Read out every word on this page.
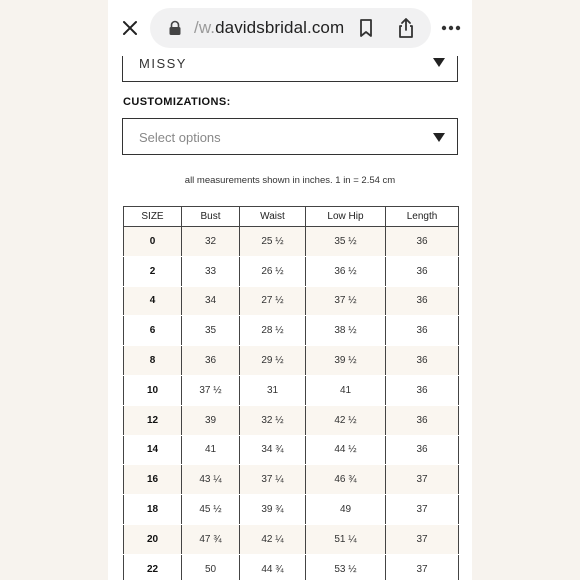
MISSY
/w.davidsbridal.com
CUSTOMIZATIONS:
Select options
all measurements shown in inches. 1 in = 2.54 cm
SIZE	Bust	Waist	Low Hip	Length
0	32	25 ½	35 ½	36
2	33	26 ½	36 ½	36
4	34	27 ½	37 ½	36
6	35	28 ½	38 ½	36
8	36	29 ½	39 ½	36
10	37 ½	31	41	36
12	39	32 ½	42 ½	36
14	41	34 ¾	44 ½	36
16	43 ¼	37 ¼	46 ¾	37
18	45 ½	39 ¾	49	37
20	47 ¾	42 ¼	51 ¼	37
22	50	44 ¾	53 ½	37
